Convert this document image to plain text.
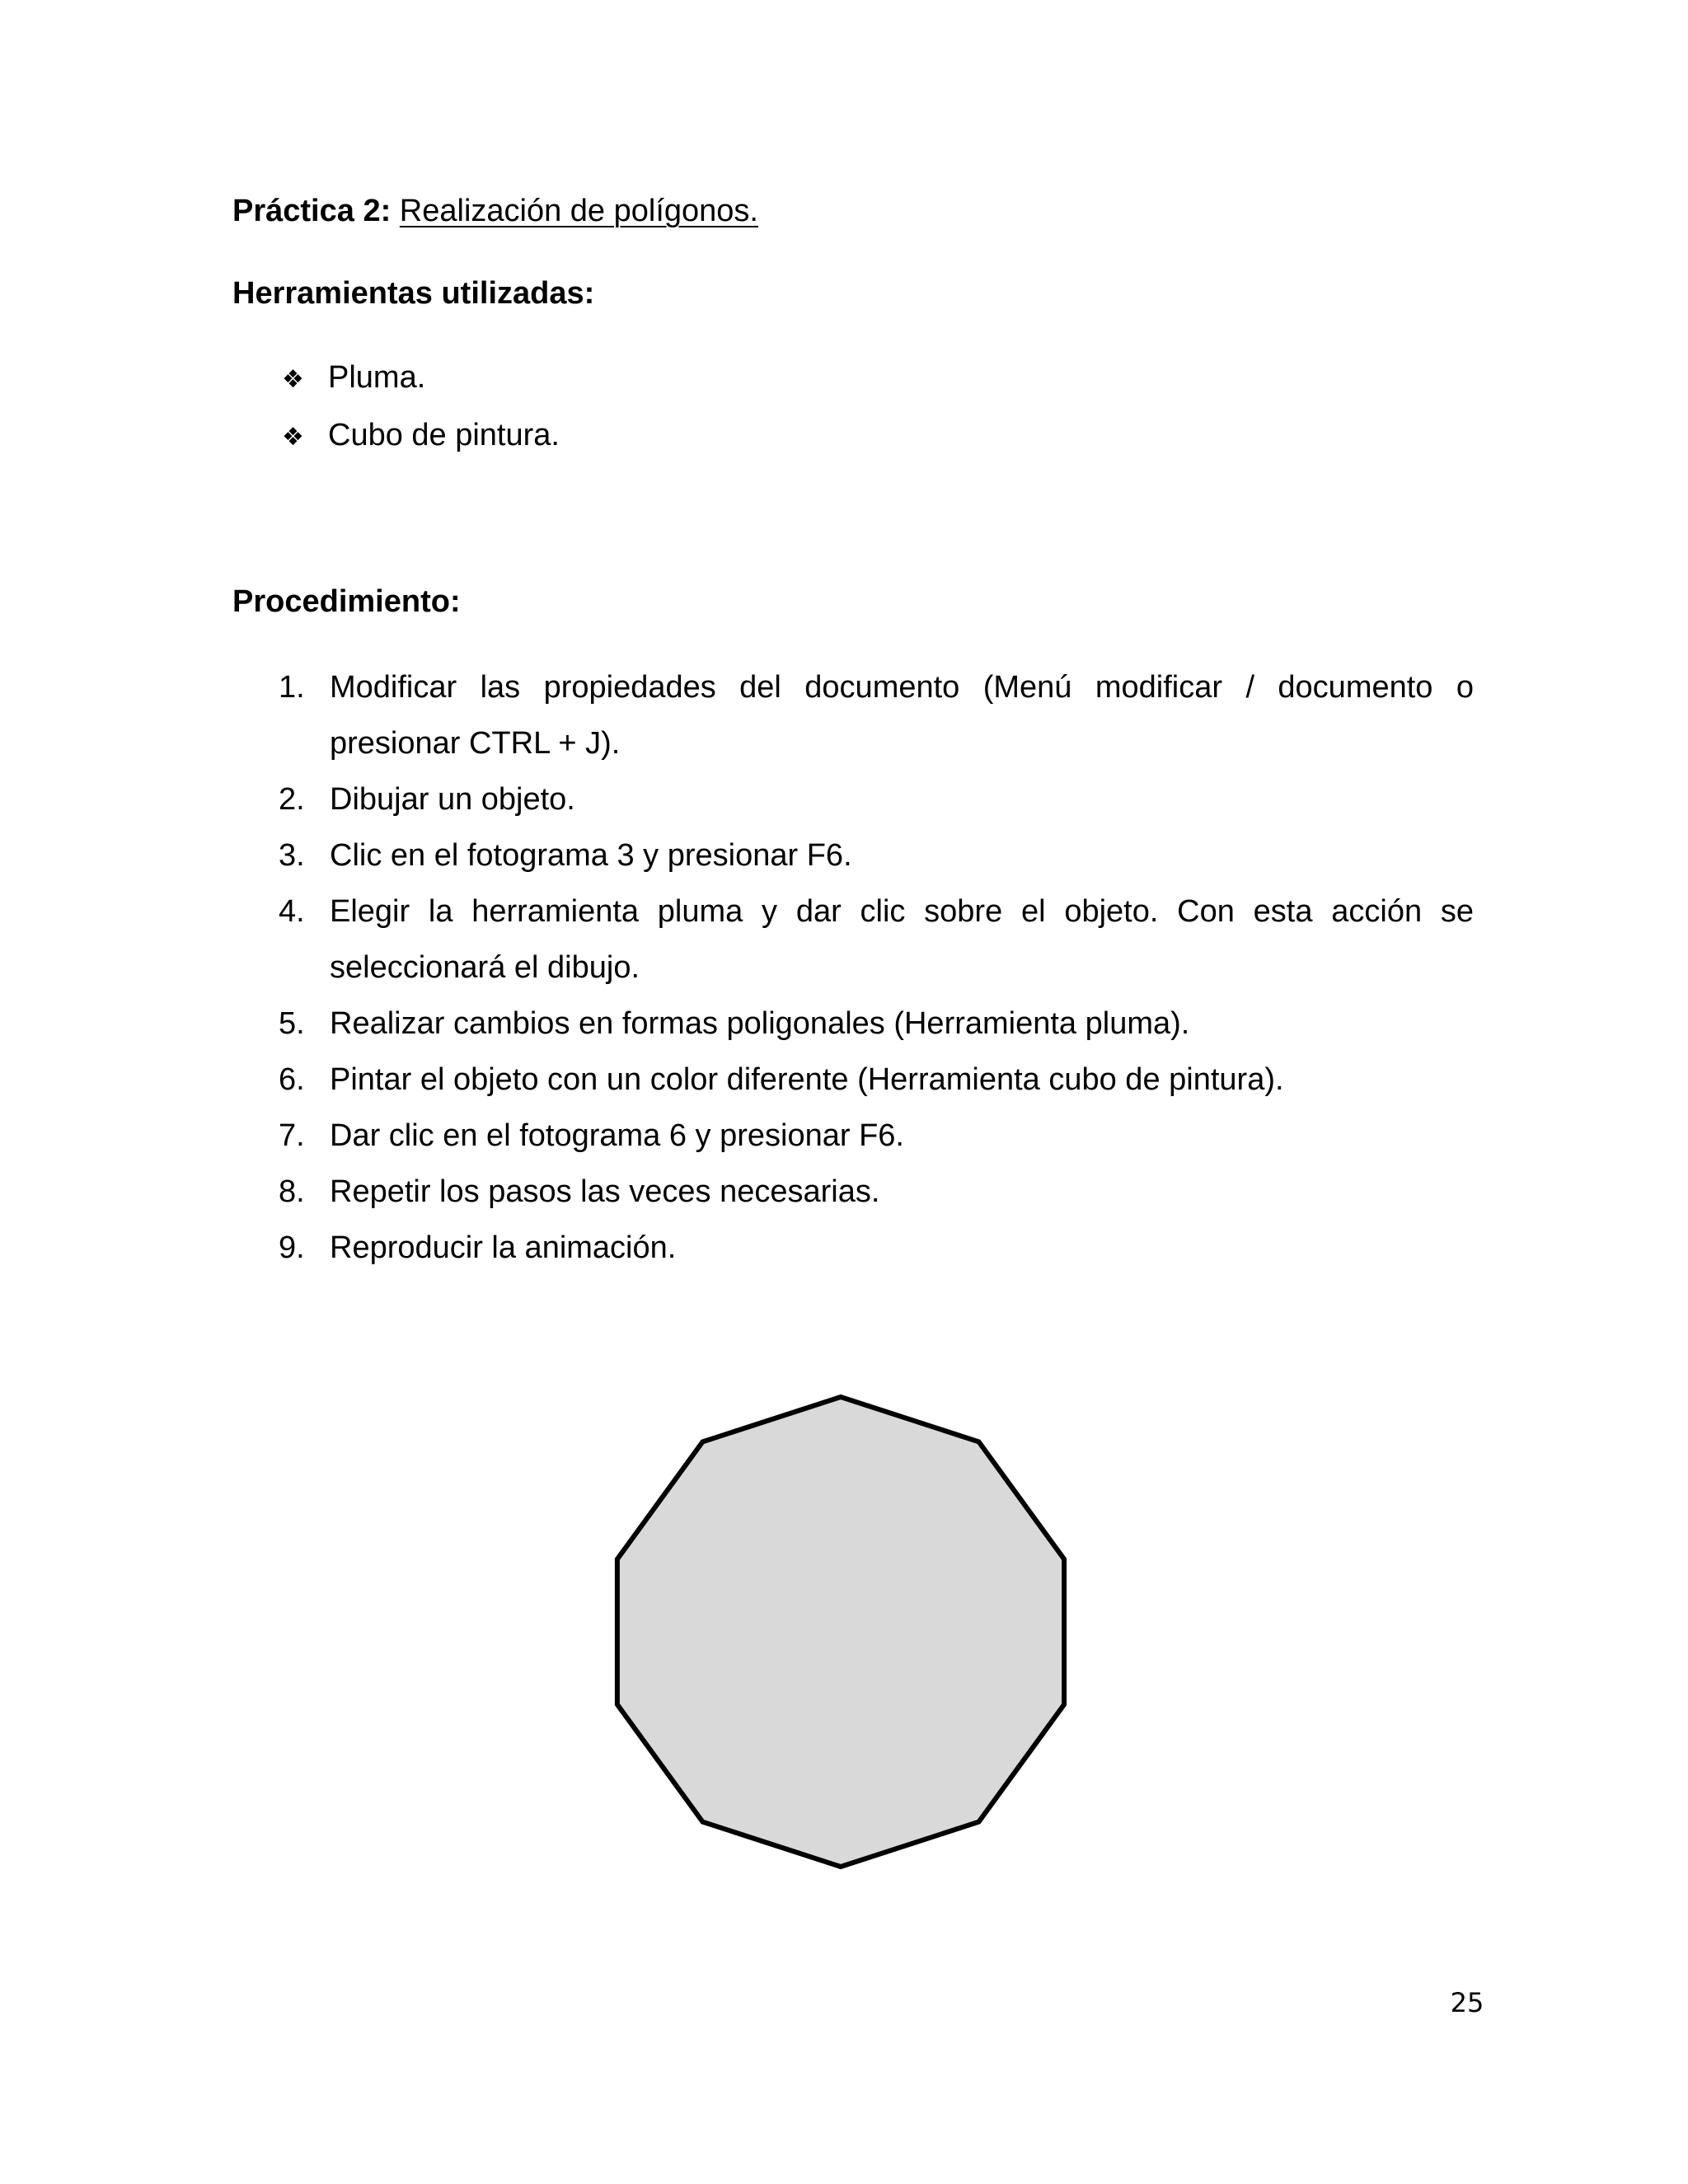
Práctica 2: Realización de polígonos.
Herramientas utilizadas:
❖ Pluma.
❖ Cubo de pintura.
Procedimiento:
1. Modificar las propiedades del documento (Menú modificar / documento o
presionar CTRL + J).
2. Dibujar un objeto.
3. Clic en el fotograma 3 y presionar F6.
4. Elegir la herramienta pluma y dar clic sobre el objeto. Con esta acción se
seleccionará el dibujo.
5. Realizar cambios en formas poligonales (Herramienta pluma).
6. Pintar el objeto con un color diferente (Herramienta cubo de pintura).
7. Dar clic en el fotograma 6 y presionar F6.
8. Repetir los pasos las veces necesarias.
9. Reproducir la animación.
25
